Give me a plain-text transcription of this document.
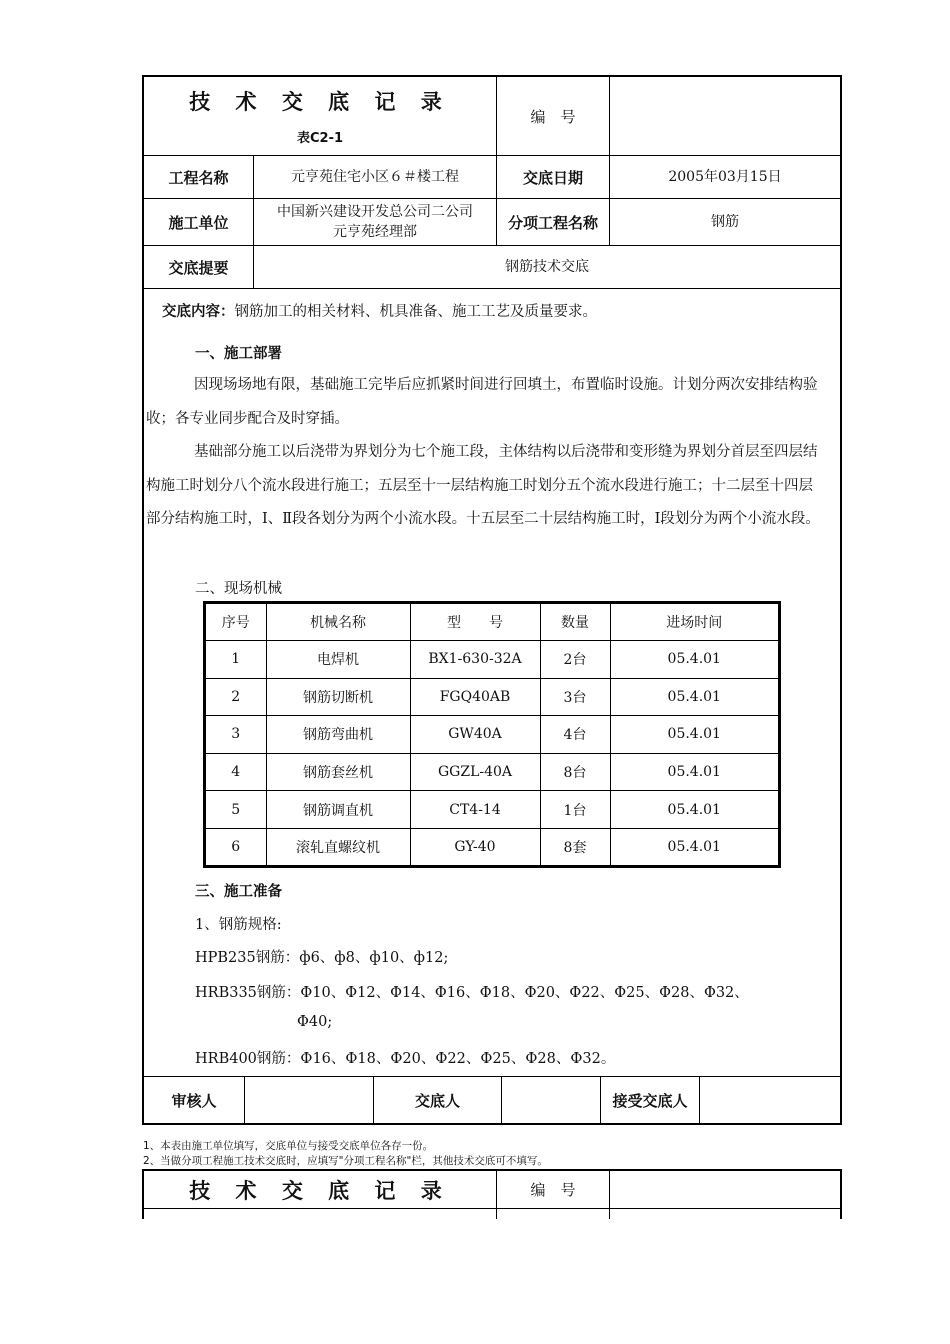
技 术 交 底 记 录
表C2-1
编　号
工程名称	元亨苑住宅小区６＃楼工程	交底日期	2005年03月15日
施工单位
中国新兴建设开发总公司二公司
元亨苑经理部
分项工程名称	钢筋
交底提要	钢筋技术交底
审核人	交底人	接受交底人
交底内容：钢筋加工的相关材料、机具准备、施工工艺及质量要求。
一、施工部署
因现场场地有限，基础施工完毕后应抓紧时间进行回填土，布置临时设施。计划分两次安排结构验收；各专业同步配合及时穿插。
基础部分施工以后浇带为界划分为七个施工段，主体结构以后浇带和变形缝为界划分首层至四层结构施工时划分八个流水段进行施工；五层至十一层结构施工时划分五个流水段进行施工；十二层至十四层部分结构施工时，Ⅰ、Ⅱ段各划分为两个小流水段。十五层至二十层结构施工时，Ⅰ段划分为两个小流水段。
二、现场机械
序号	机械名称	型　　号	数量	进场时间
1	电焊机	BX1-630-32A	2台	05.4.01
2	钢筋切断机	FGQ40AB	3台	05.4.01
3	钢筋弯曲机	GW40A	4台	05.4.01
4	钢筋套丝机	GGZL-40A	8台	05.4.01
5	钢筋调直机	CT4-14	1台	05.4.01
6	滚轧直螺纹机	GY-40	8套	05.4.01
三、施工准备
1、钢筋规格:
HPB235钢筋：ф6、ф8、ф10、ф12;
HRB335钢筋：Φ10、Φ12、Φ14、Φ16、Φ18、Φ20、Φ22、Φ25、Φ28、Φ32、
Φ40;
HRB400钢筋：Ф16、Ф18、Ф20、Ф22、Ф25、Ф28、Ф32。
1、本表由施工单位填写，交底单位与接受交底单位各存一份。
2、当做分项工程施工技术交底时，应填写"分项工程名称"栏，其他技术交底可不填写。
技 术 交 底 记 录	编　号
